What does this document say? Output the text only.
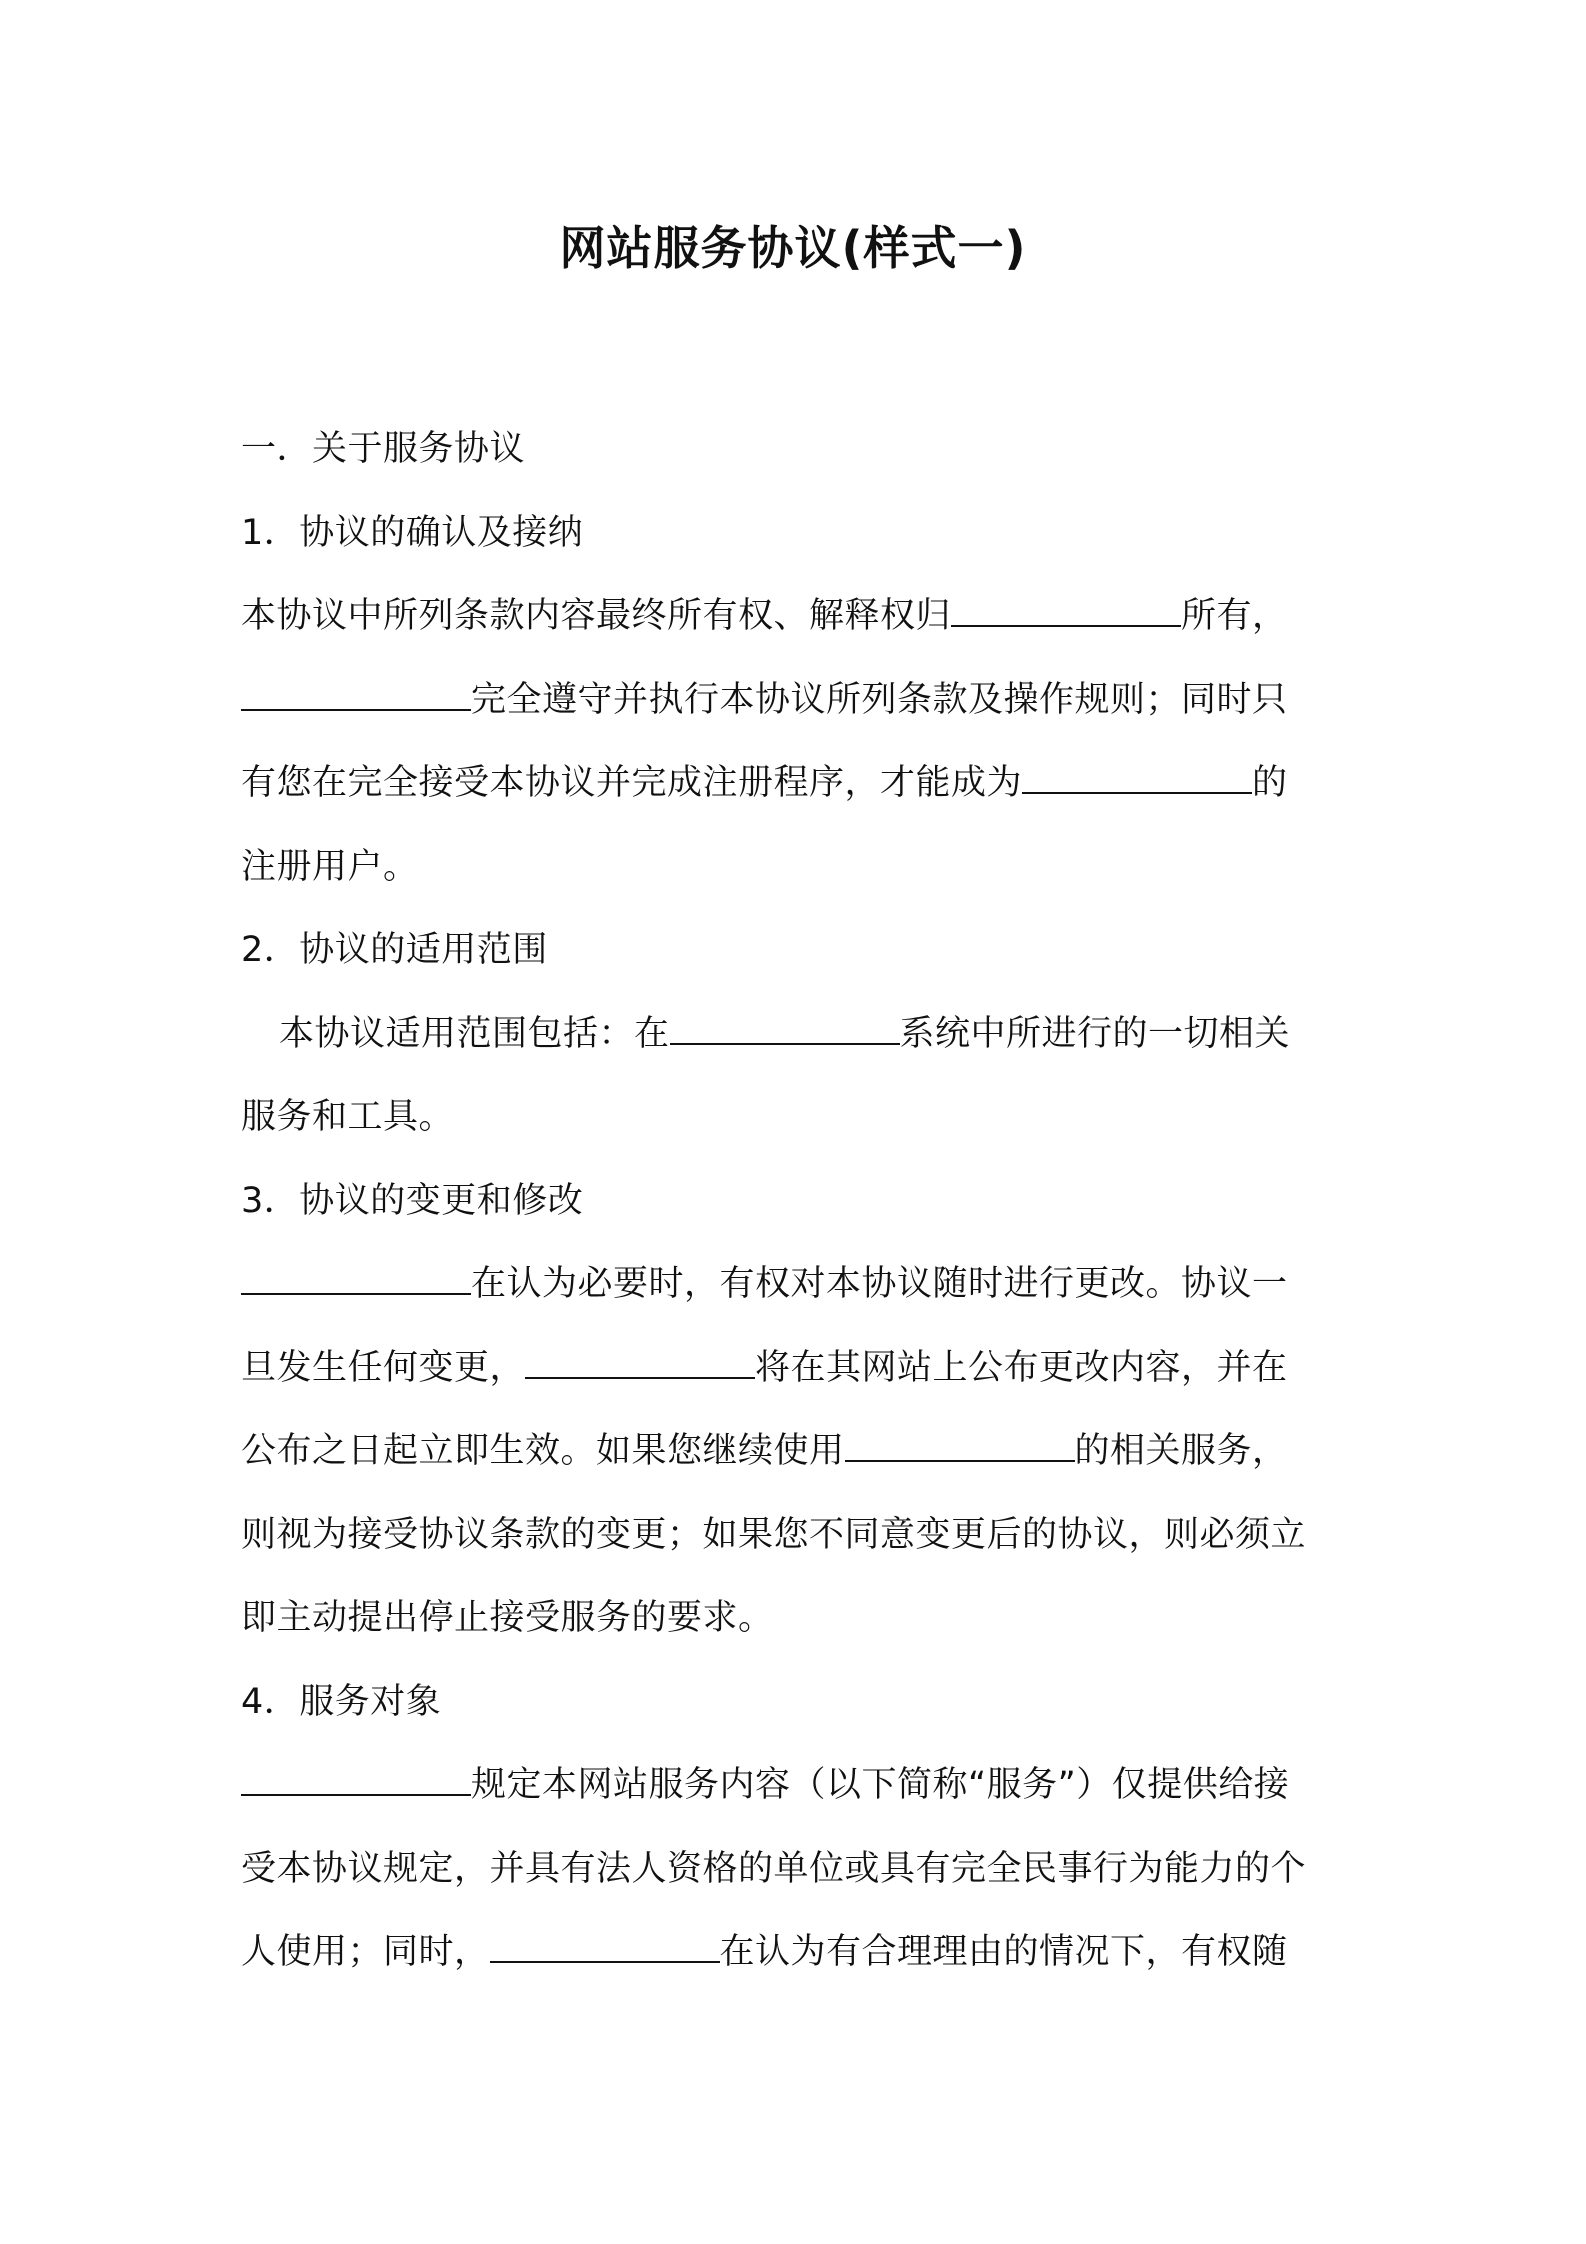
网站服务协议(样式一)
一．关于服务协议
1．协议的确认及接纳
本协议中所列条款内容最终所有权、解释权归	所有，
完全遵守并执行本协议所列条款及操作规则；同时只
有您在完全接受本协议并完成注册程序，才能成为	的
注册用户。
2．协议的适用范围
本协议适用范围包括：在	系统中所进行的一切相关
服务和工具。
3．协议的变更和修改
在认为必要时，有权对本协议随时进行更改。协议一
旦发生任何变更，	将在其网站上公布更改内容，并在
公布之日起立即生效。如果您继续使用	的相关服务，
则视为接受协议条款的变更；如果您不同意变更后的协议，则必须立
即主动提出停止接受服务的要求。
4．服务对象
规定本网站服务内容（以下简称“服务”）仅提供给接
受本协议规定，并具有法人资格的单位或具有完全民事行为能力的个
人使用；同时，	在认为有合理理由的情况下，有权随
